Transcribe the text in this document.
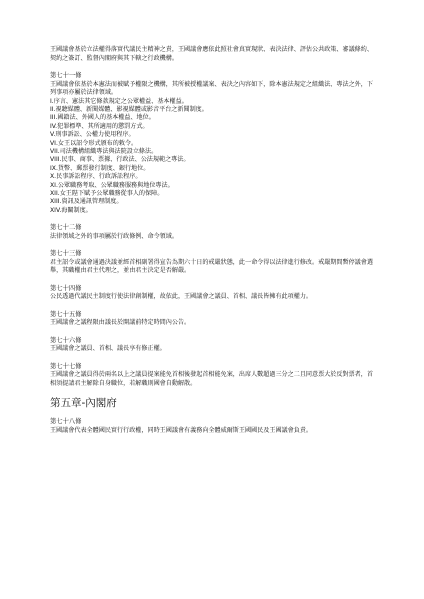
王國議會基於立法權得落實代議民主精神之責，王國議會應依此照社會真實現狀、表決法律、評估公共政策、審議條約、契約之簽訂、監督內閣府與其下轄之行政機構。

第七十一條

王國議會依基於本憲法而被賦予權限之機構，其所被授權議案、表決之內容如下，除本憲法規定之組織法、專法之外，下列事項亦屬於法律領域。

I.序言、憲法其它條款規定之公眾權益、基本權益。

II.視聽媒體、新聞媒體、影視媒體或影音平台之新聞制度。

III.國籍法、外國人的基本權益、地位。

IV.犯罪標準、其所適用的懲罰方式。

V.刑事訴訟、公權力使用程序。

VI.女王以詔令形式頒布的敕令。

VII.司法機構組織專法與法院設立條法。

VIII.民事、商事、票據、行政法、公法規範之專法。

IX.貨幣、郵票發行制度、銀行地位。

X.民事訴訟程序、行政訴訟程序。

XI.公眾職務考取、公眾職務服務與地位專法。

XII.女王陛下賦予公眾職務從事人的保障。

XIII.資訊及通訊管理制度。

XIV.海關制度。

第七十二條

法律領域之外的事項屬於行政條例、命令領域。

第七十三條

君主詔令或議會通過決議並經首相副署得宣告為期六十日的戒嚴狀態，此一命令得以法律進行修改。戒嚴期間暫停議會選舉，其職權由君主代理之，並由君主決定是否解嚴。

第七十四條

公民透過代議民主制度行使法律創制權，故依此，王國議會之議員、首相、議長皆擁有此項權力。

第七十五條

王國議會之議程限由議長於開議前特定時間內公告。

第七十六條

王國議會之議員、首相、議長享有修正權。

第七十七條

王國議會之議員得於兩名以上之議員提案能免首相後發起首相能免案，出席人數超過三分之二且同意票大於反對票者，首相須提請君主解除自身職位，若解職則國會自動解散。

第五章-內閣府

第七十八條

王國議會代表全體國民實行行政權，同時王國議會有義務向全體威爾斯王國國民及王國議會負責。
